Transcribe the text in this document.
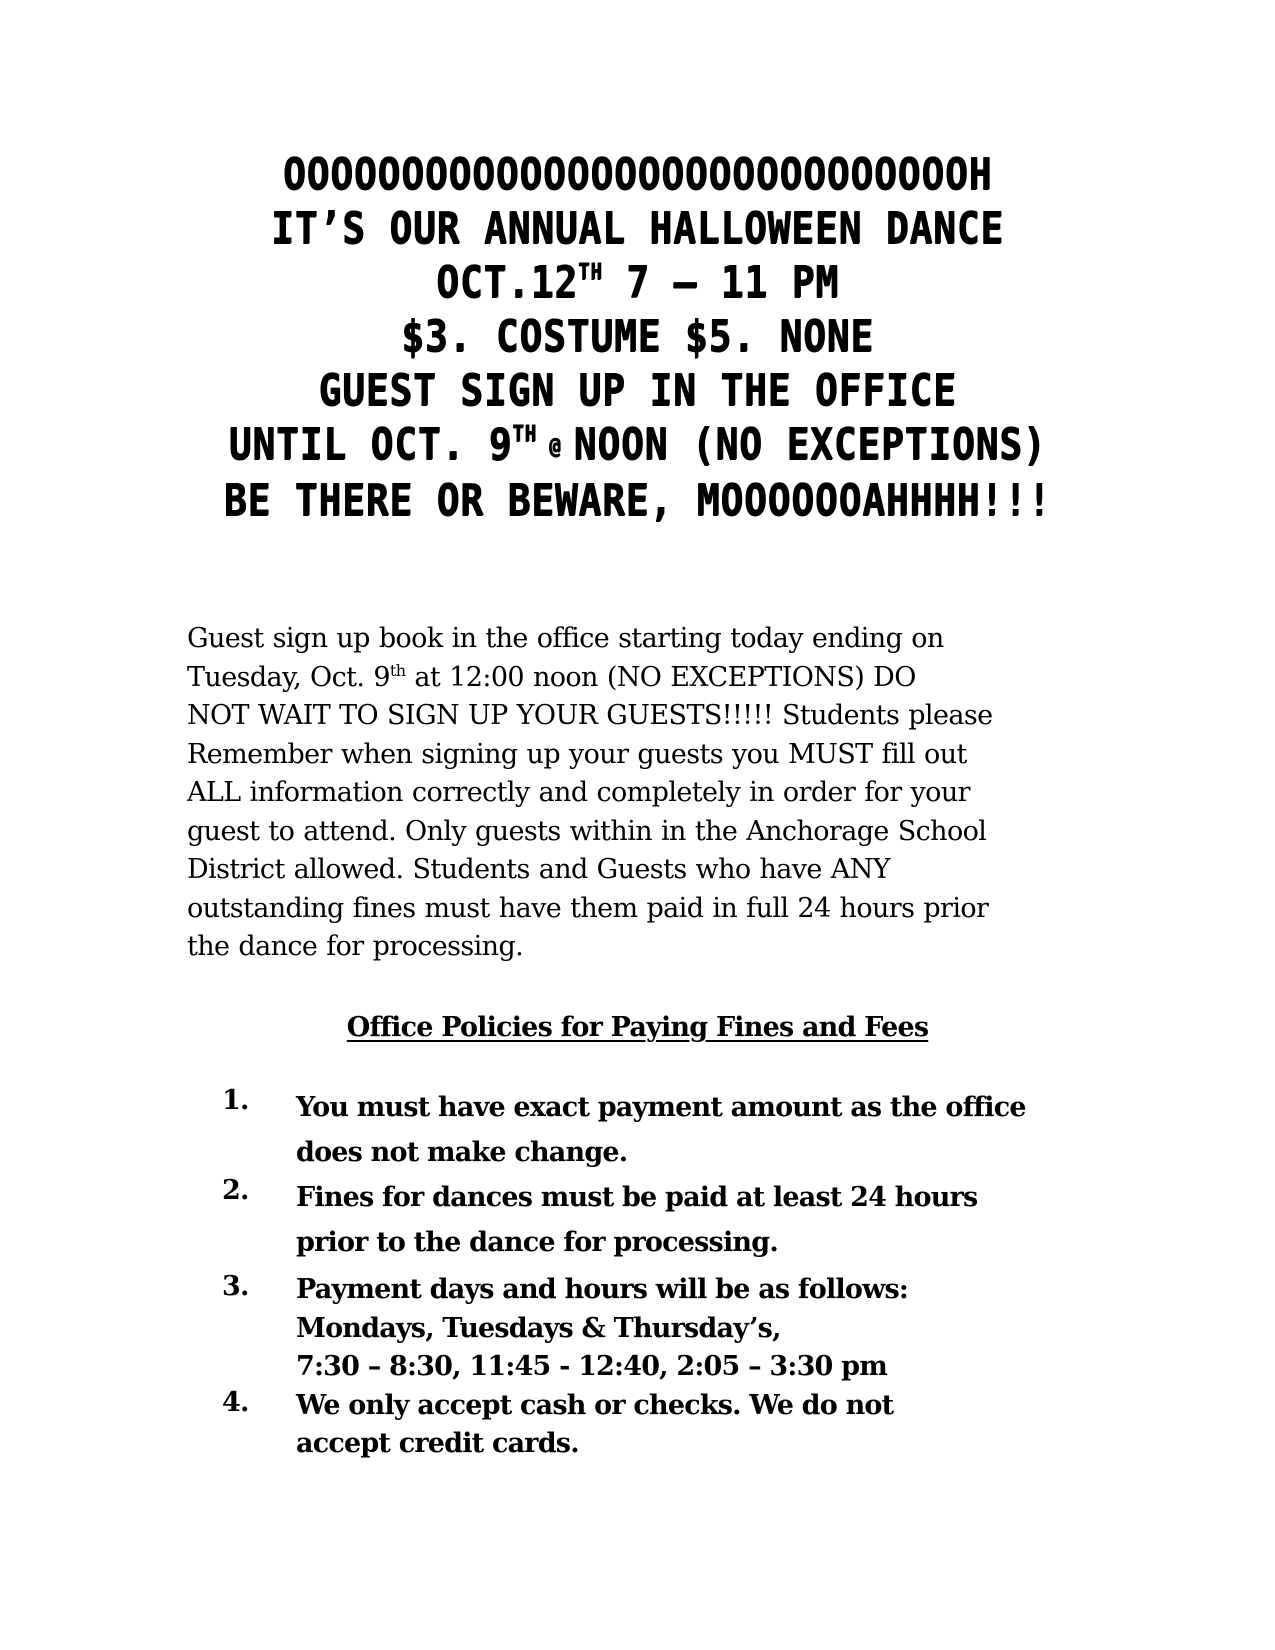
OOOOOOOOOOOOOOOOOOOOOOOOOOOOOH
IT’S OUR ANNUAL HALLOWEEN DANCE
OCT.12TH 7 – 11 PM
$3. COSTUME $5. NONE
GUEST SIGN UP IN THE OFFICE
UNTIL OCT. 9TH @ NOON (NO EXCEPTIONS)
BE THERE OR BEWARE, MOOOOOOAHHHH!!!
Guest sign up book in the office starting today ending on
Tuesday, Oct. 9th at 12:00 noon (NO EXCEPTIONS) DO
NOT WAIT TO SIGN UP YOUR GUESTS!!!!! Students please
Remember when signing up your guests you MUST fill out
ALL information correctly and completely in order for your
guest to attend. Only guests within in the Anchorage School
District allowed. Students and Guests who have ANY
outstanding fines must have them paid in full 24 hours prior
the dance for processing.
Office Policies for Paying Fines and Fees
1. You must have exact payment amount as the office
does not make change.
2. Fines for dances must be paid at least 24 hours
prior to the dance for processing.
3. Payment days and hours will be as follows:
Mondays, Tuesdays & Thursday’s,
7:30 – 8:30, 11:45 - 12:40, 2:05 – 3:30 pm
4. We only accept cash or checks. We do not
accept credit cards.
